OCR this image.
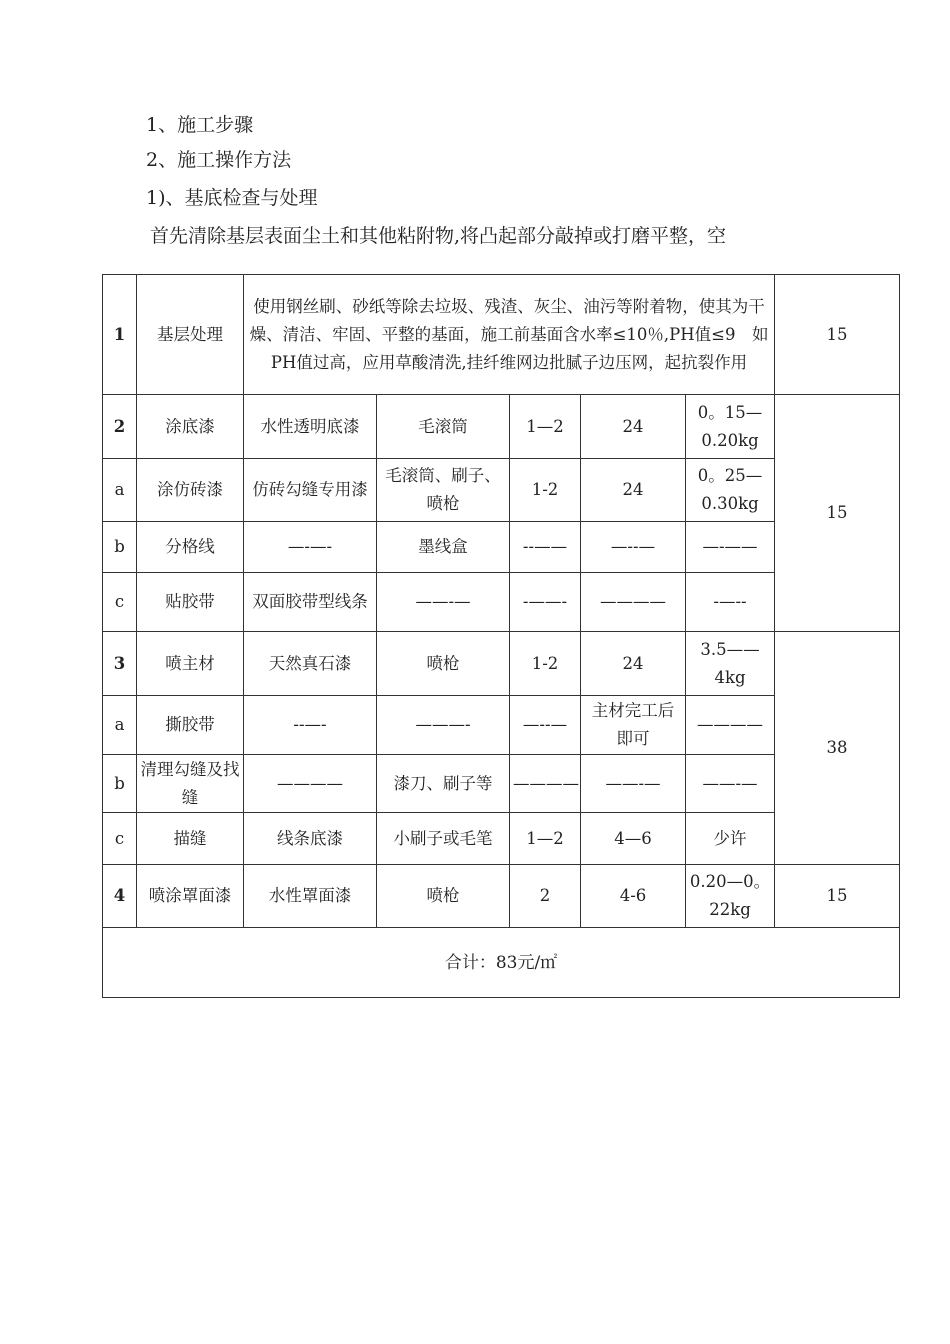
1、施工步骤
2、施工操作方法
1)、基底检查与处理
首先清除基层表面尘土和其他粘附物,将凸起部分敲掉或打磨平整，空
1	基层处理	使用钢丝刷、砂纸等除去垃圾、残渣、灰尘、油污等附着物，使其为干燥、清洁、牢固、平整的基面，施工前基面含水率≤10％,PH值≤9　如PH值过高，应用草酸清洗,挂纤维网边批腻子边压网，起抗裂作用					15
2	涂底漆	水性透明底漆	毛滚筒	1—2	24	0。15—0.20kg	15
a	涂仿砖漆	仿砖勾缝专用漆	毛滚筒、刷子、喷枪	1-2	24	0。25—0.30kg	
b	分格线	—-—-	墨线盒	--——	—--—	—-——	
c	贴胶带	双面胶带型线条	——-—	-——-	————	-—--	
3	喷主材	天然真石漆	喷枪	1-2	24	3.5——4kg	38
a	撕胶带	--—-	———-	—--—	主材完工后即可	————	
b	清理勾缝及找缝	————	漆刀、刷子等	————	——-—	——-—	
c	描缝	线条底漆	小刷子或毛笔	1—2	4—6	少许	
4	喷涂罩面漆	水性罩面漆	喷枪	2	4-6	0.20—0。22kg	15
合计：83元/㎡							
